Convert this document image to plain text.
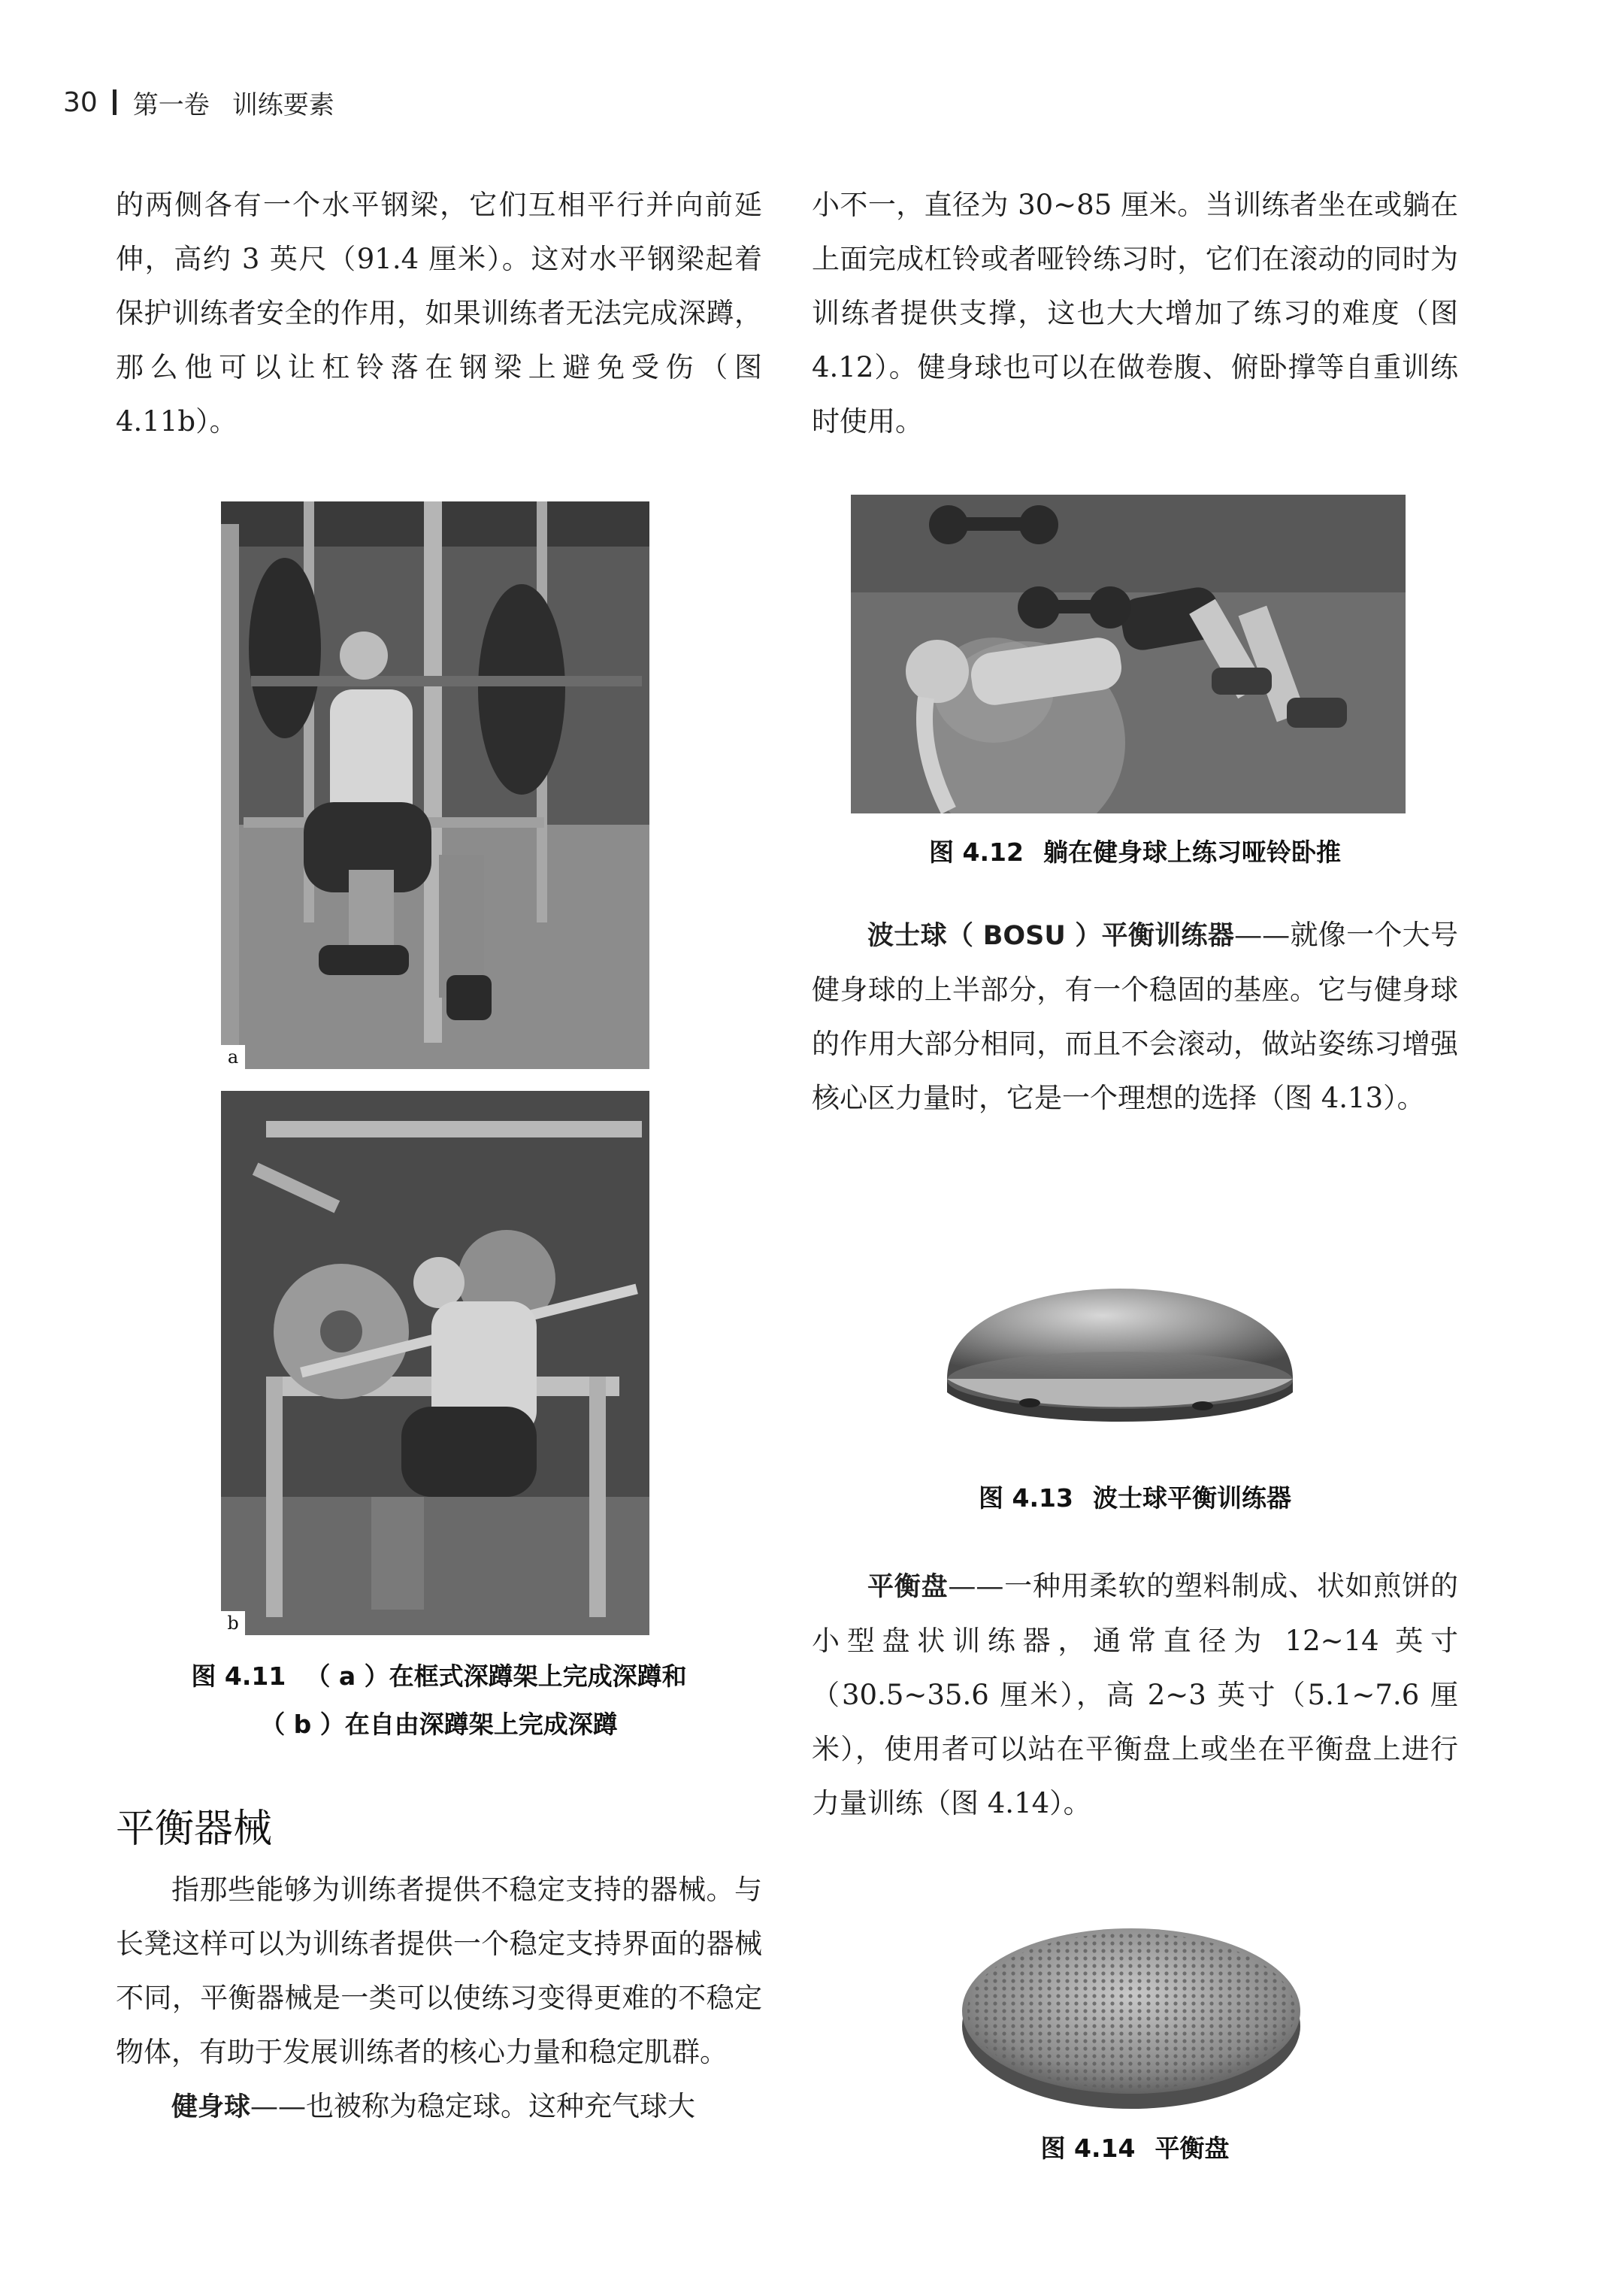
30 第一卷 训练要素

的两侧各有一个水平钢梁，它们互相平行并向前延伸，高约 3 英尺（91.4 厘米）。这对水平钢梁起着保护训练者安全的作用，如果训练者无法完成深蹲，那么他可以让杠铃落在钢梁上避免受伤（图 4.11b）。

a
b
图 4.11 （ a ）在框式深蹲架上完成深蹲和
（ b ）在自由深蹲架上完成深蹲
平衡器械

指那些能够为训练者提供不稳定支持的器械。与长凳这样可以为训练者提供一个稳定支持界面的器械不同，平衡器械是一类可以使练习变得更难的不稳定物体，有助于发展训练者的核心力量和稳定肌群。

健身球——也被称为稳定球。这种充气球大

小不一，直径为 30~85 厘米。当训练者坐在或躺在上面完成杠铃或者哑铃练习时，它们在滚动的同时为训练者提供支撑，这也大大增加了练习的难度（图 4.12）。健身球也可以在做卷腹、俯卧撑等自重训练时使用。

图 4.12 躺在健身球上练习哑铃卧推

波士球（ BOSU ）平衡训练器——就像一个大号健身球的上半部分，有一个稳固的基座。它与健身球的作用大部分相同，而且不会滚动，做站姿练习增强核心区力量时，它是一个理想的选择（图 4.13）。

图 4.13 波士球平衡训练器

平衡盘——一种用柔软的塑料制成、状如煎饼的小型盘状训练器，通常直径为 12~14 英寸（30.5~35.6 厘米），高 2~3 英寸（5.1~7.6 厘米），使用者可以站在平衡盘上或坐在平衡盘上进行力量训练（图 4.14）。

图 4.14 平衡盘
